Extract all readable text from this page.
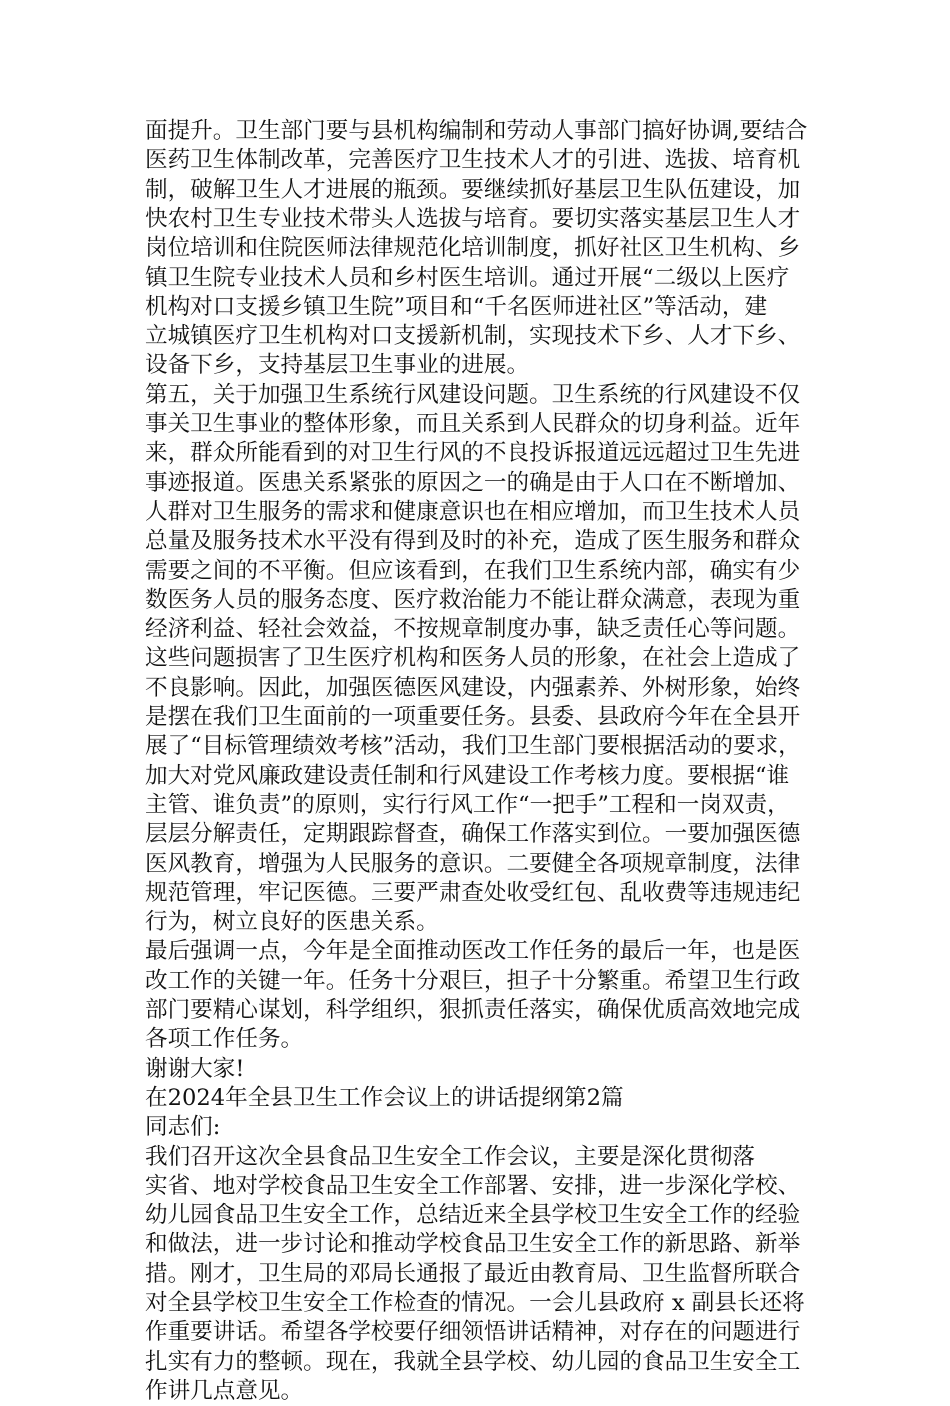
面提升。卫生部门要与县机构编制和劳动人事部门搞好协调,要结合
医药卫生体制改革，完善医疗卫生技术人才的引进、选拔、培育机
制，破解卫生人才进展的瓶颈。要继续抓好基层卫生队伍建设，加
快农村卫生专业技术带头人选拔与培育。要切实落实基层卫生人才
岗位培训和住院医师法律规范化培训制度，抓好社区卫生机构、乡
镇卫生院专业技术人员和乡村医生培训。通过开展“二级以上医疗
机构对口支援乡镇卫生院”项目和“千名医师进社区”等活动，建
立城镇医疗卫生机构对口支援新机制，实现技术下乡、人才下乡、
设备下乡，支持基层卫生事业的进展。
第五，关于加强卫生系统行风建设问题。卫生系统的行风建设不仅
事关卫生事业的整体形象，而且关系到人民群众的切身利益。近年
来，群众所能看到的对卫生行风的不良投诉报道远远超过卫生先进
事迹报道。医患关系紧张的原因之一的确是由于人口在不断增加、
人群对卫生服务的需求和健康意识也在相应增加，而卫生技术人员
总量及服务技术水平没有得到及时的补充，造成了医生服务和群众
需要之间的不平衡。但应该看到，在我们卫生系统内部，确实有少
数医务人员的服务态度、医疗救治能力不能让群众满意，表现为重
经济利益、轻社会效益，不按规章制度办事，缺乏责任心等问题。
这些问题损害了卫生医疗机构和医务人员的形象，在社会上造成了
不良影响。因此，加强医德医风建设，内强素养、外树形象，始终
是摆在我们卫生面前的一项重要任务。县委、县政府今年在全县开
展了“目标管理绩效考核”活动，我们卫生部门要根据活动的要求，
加大对党风廉政建设责任制和行风建设工作考核力度。要根据“谁
主管、谁负责”的原则，实行行风工作“一把手”工程和一岗双责，
层层分解责任，定期跟踪督查，确保工作落实到位。一要加强医德
医风教育，增强为人民服务的意识。二要健全各项规章制度，法律
规范管理，牢记医德。三要严肃查处收受红包、乱收费等违规违纪
行为，树立良好的医患关系。
最后强调一点，今年是全面推动医改工作任务的最后一年，也是医
改工作的关键一年。任务十分艰巨，担子十分繁重。希望卫生行政
部门要精心谋划，科学组织，狠抓责任落实，确保优质高效地完成
各项工作任务。
谢谢大家!
在2024年全县卫生工作会议上的讲话提纲第2篇
同志们:
我们召开这次全县食品卫生安全工作会议，主要是深化贯彻落
实省、地对学校食品卫生安全工作部署、安排，进一步深化学校、
幼儿园食品卫生安全工作，总结近来全县学校卫生安全工作的经验
和做法，进一步讨论和推动学校食品卫生安全工作的新思路、新举
措。刚才，卫生局的邓局长通报了最近由教育局、卫生监督所联合
对全县学校卫生安全工作检查的情况。一会儿县政府 x 副县长还将
作重要讲话。希望各学校要仔细领悟讲话精神，对存在的问题进行
扎实有力的整顿。现在，我就全县学校、幼儿园的食品卫生安全工
作讲几点意见。
